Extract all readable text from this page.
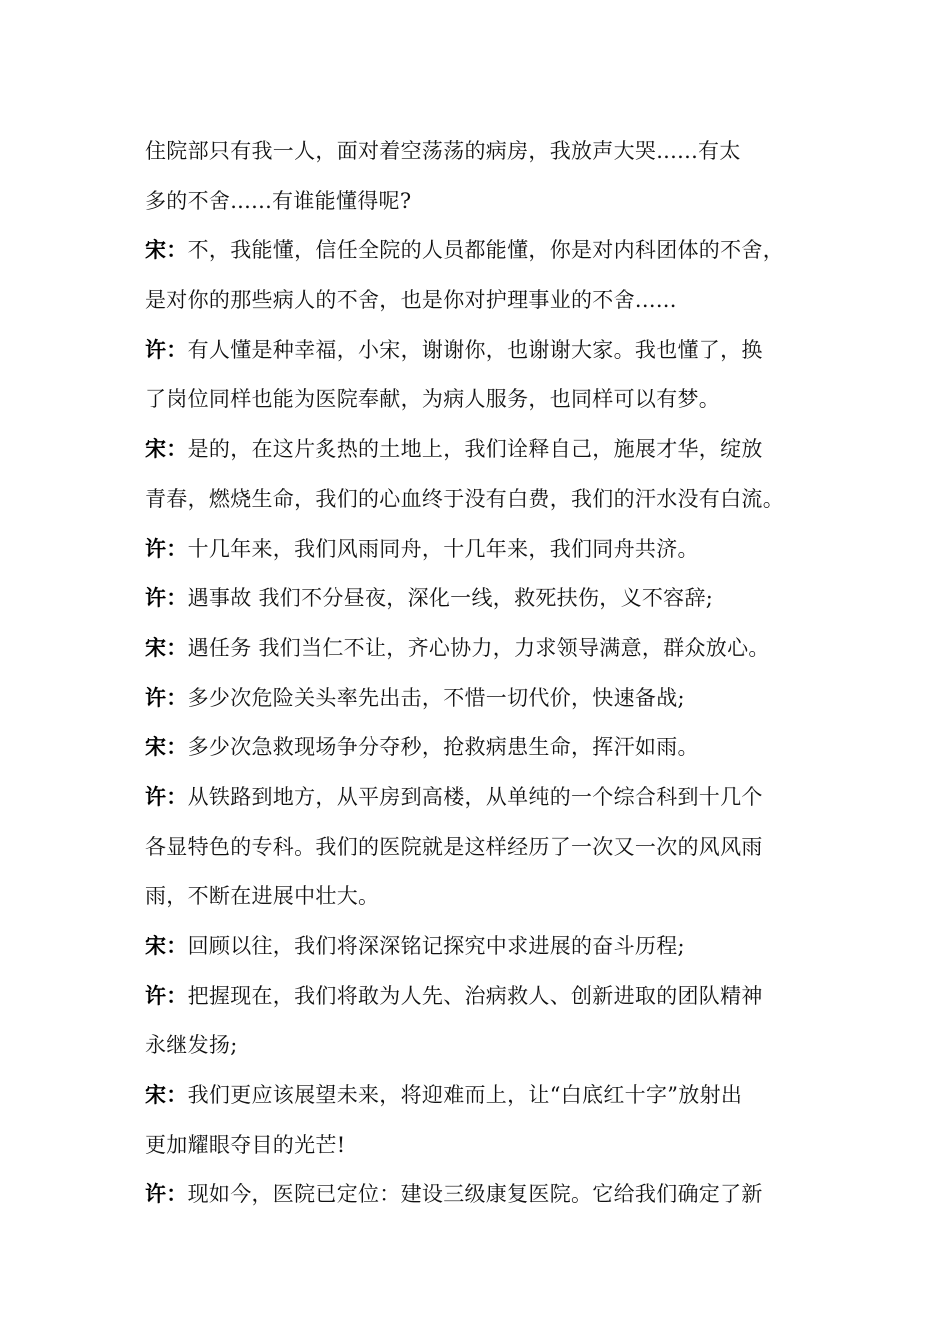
住院部只有我一人，面对着空荡荡的病房，我放声大哭......有太
多的不舍......有谁能懂得呢?
宋：不，我能懂，信任全院的人员都能懂，你是对内科团体的不舍，
是对你的那些病人的不舍，也是你对护理事业的不舍......
许：有人懂是种幸福，小宋，谢谢你，也谢谢大家。我也懂了，换
了岗位同样也能为医院奉献，为病人服务，也同样可以有梦。
宋：是的，在这片炙热的土地上，我们诠释自己，施展才华，绽放
青春，燃烧生命，我们的心血终于没有白费，我们的汗水没有白流。
许：十几年来，我们风雨同舟，十几年来，我们同舟共济。
许：遇事故 我们不分昼夜，深化一线，救死扶伤，义不容辞;
宋：遇任务 我们当仁不让，齐心协力，力求领导满意，群众放心。
许：多少次危险关头率先出击，不惜一切代价，快速备战;
宋：多少次急救现场争分夺秒，抢救病患生命，挥汗如雨。
许：从铁路到地方，从平房到高楼，从单纯的一个综合科到十几个
各显特色的专科。我们的医院就是这样经历了一次又一次的风风雨
雨，不断在进展中壮大。
宋：回顾以往，我们将深深铭记探究中求进展的奋斗历程;
许：把握现在，我们将敢为人先、治病救人、创新进取的团队精神
永继发扬;
宋：我们更应该展望未来，将迎难而上，让“白底红十字”放射出
更加耀眼夺目的光芒!
许：现如今，医院已定位：建设三级康复医院。它给我们确定了新
